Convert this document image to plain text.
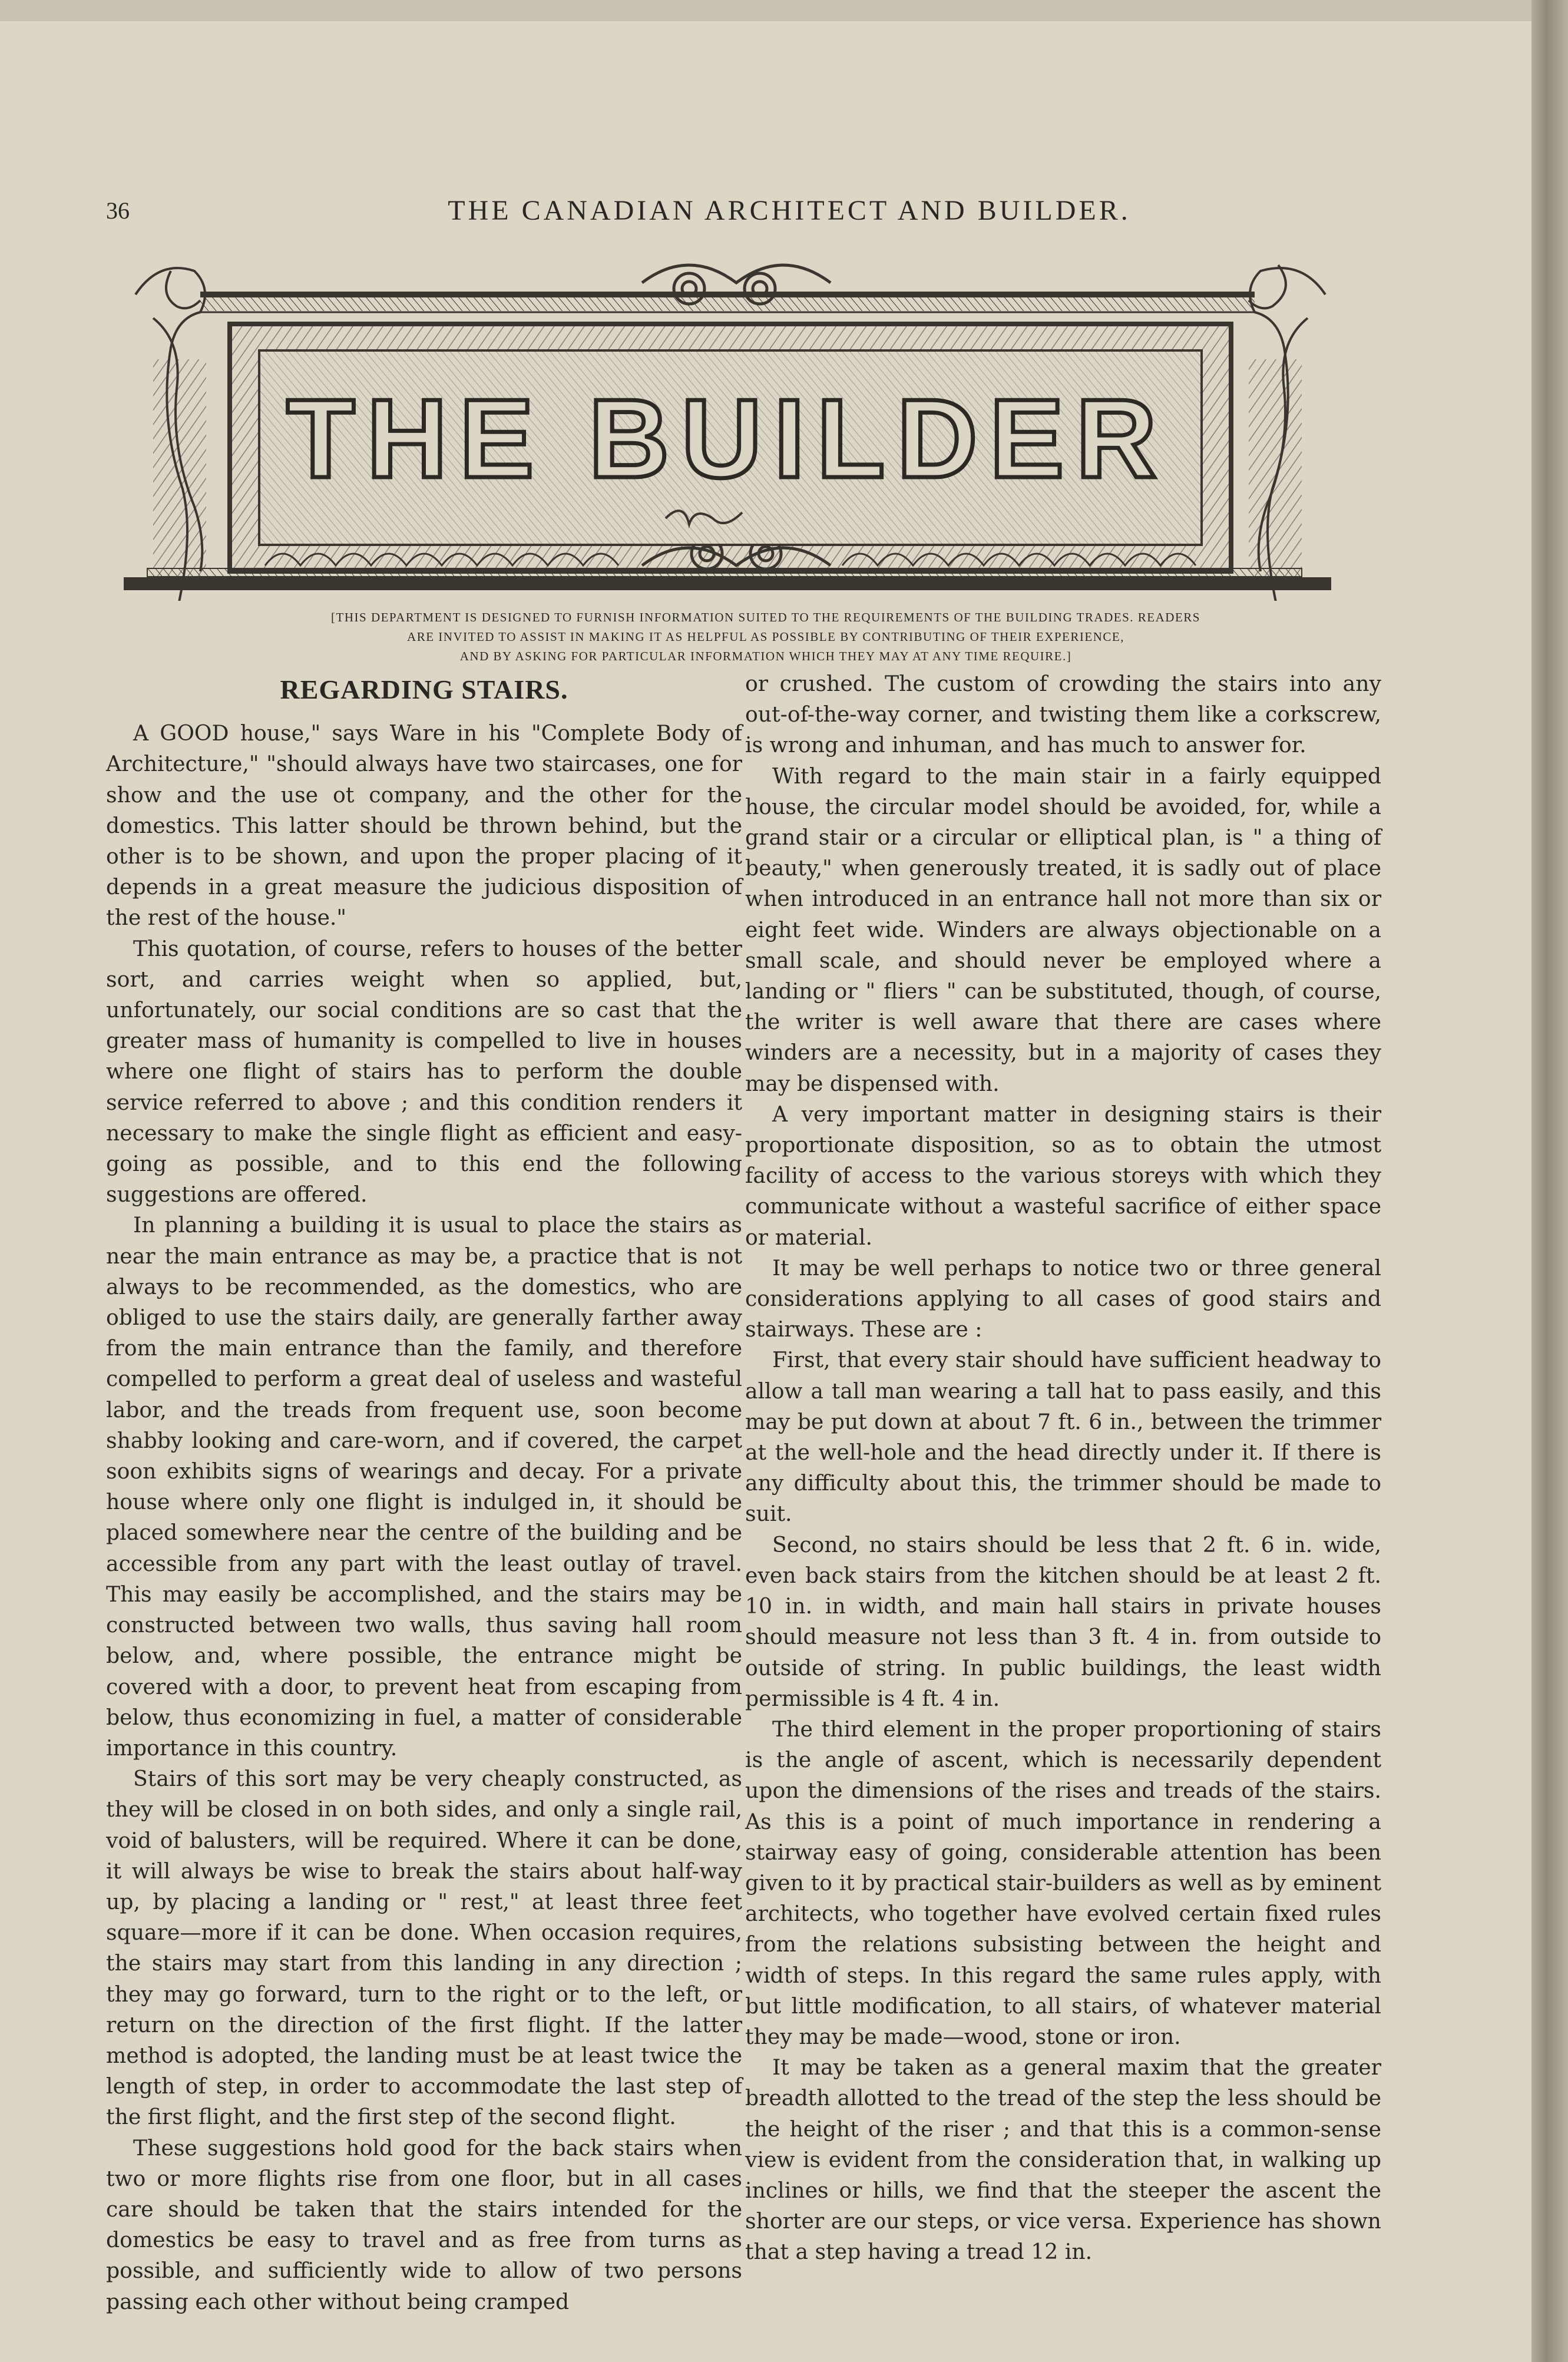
36	THE CANADIAN ARCHITECT AND BUILDER.
THE BUILDER
[THIS DEPARTMENT IS DESIGNED TO FURNISH INFORMATION SUITED TO THE REQUIREMENTS OF THE BUILDING TRADES. READERS
ARE INVITED TO ASSIST IN MAKING IT AS HELPFUL AS POSSIBLE BY CONTRIBUTING OF THEIR EXPERIENCE,
AND BY ASKING FOR PARTICULAR INFORMATION WHICH THEY MAY AT ANY TIME REQUIRE.]
REGARDING STAIRS.

A GOOD house," says Ware in his "Complete Body of Architecture," "should always have two staircases, one for show and the use ot company, and the other for the domestics. This latter should be thrown behind, but the other is to be shown, and upon the proper placing of it depends in a great measure the judicious disposition of the rest of the house."

This quotation, of course, refers to houses of the better sort, and carries weight when so applied, but, unfortunately, our social conditions are so cast that the greater mass of humanity is compelled to live in houses where one flight of stairs has to perform the double service referred to above ; and this condition renders it necessary to make the single flight as efficient and easy-going as possible, and to this end the following suggestions are offered.

In planning a building it is usual to place the stairs as near the main entrance as may be, a practice that is not always to be recommended, as the domestics, who are obliged to use the stairs daily, are generally farther away from the main entrance than the family, and therefore compelled to perform a great deal of useless and wasteful labor, and the treads from frequent use, soon become shabby looking and care-worn, and if covered, the carpet soon exhibits signs of wearings and decay. For a private house where only one flight is indulged in, it should be placed somewhere near the centre of the building and be accessible from any part with the least outlay of travel. This may easily be accomplished, and the stairs may be constructed between two walls, thus saving hall room below, and, where possible, the entrance might be covered with a door, to prevent heat from escaping from below, thus economizing in fuel, a matter of considerable importance in this country.

Stairs of this sort may be very cheaply constructed, as they will be closed in on both sides, and only a single rail, void of balusters, will be required. Where it can be done, it will always be wise to break the stairs about half-way up, by placing a landing or " rest," at least three feet square—more if it can be done. When occasion requires, the stairs may start from this landing in any direction ; they may go forward, turn to the right or to the left, or return on the direction of the first flight. If the latter method is adopted, the landing must be at least twice the length of step, in order to accommodate the last step of the first flight, and the first step of the second flight.

These suggestions hold good for the back stairs when two or more flights rise from one floor, but in all cases care should be taken that the stairs intended for the domestics be easy to travel and as free from turns as possible, and sufficiently wide to allow of two persons passing each other without being cramped

or crushed. The custom of crowding the stairs into any out-of-the-way corner, and twisting them like a corkscrew, is wrong and inhuman, and has much to answer for.

With regard to the main stair in a fairly equipped house, the circular model should be avoided, for, while a grand stair or a circular or elliptical plan, is " a thing of beauty," when generously treated, it is sadly out of place when introduced in an entrance hall not more than six or eight feet wide. Winders are always objectionable on a small scale, and should never be employed where a landing or " fliers " can be substituted, though, of course, the writer is well aware that there are cases where winders are a necessity, but in a majority of cases they may be dispensed with.

A very important matter in designing stairs is their proportionate disposition, so as to obtain the utmost facility of access to the various storeys with which they communicate without a wasteful sacrifice of either space or material.

It may be well perhaps to notice two or three general considerations applying to all cases of good stairs and stairways. These are :

First, that every stair should have sufficient headway to allow a tall man wearing a tall hat to pass easily, and this may be put down at about 7 ft. 6 in., between the trimmer at the well-hole and the head directly under it. If there is any difficulty about this, the trimmer should be made to suit.

Second, no stairs should be less that 2 ft. 6 in. wide, even back stairs from the kitchen should be at least 2 ft. 10 in. in width, and main hall stairs in private houses should measure not less than 3 ft. 4 in. from outside to outside of string. In public buildings, the least width permissible is 4 ft. 4 in.

The third element in the proper proportioning of stairs is the angle of ascent, which is necessarily dependent upon the dimensions of the rises and treads of the stairs. As this is a point of much importance in rendering a stairway easy of going, considerable attention has been given to it by practical stair-builders as well as by eminent architects, who together have evolved certain fixed rules from the relations subsisting between the height and width of steps. In this regard the same rules apply, with but little modification, to all stairs, of whatever material they may be made—wood, stone or iron.

It may be taken as a general maxim that the greater breadth allotted to the tread of the step the less should be the height of the riser ; and that this is a common-sense view is evident from the consideration that, in walking up inclines or hills, we find that the steeper the ascent the shorter are our steps, or vice versa. Experience has shown that a step having a tread 12 in.
